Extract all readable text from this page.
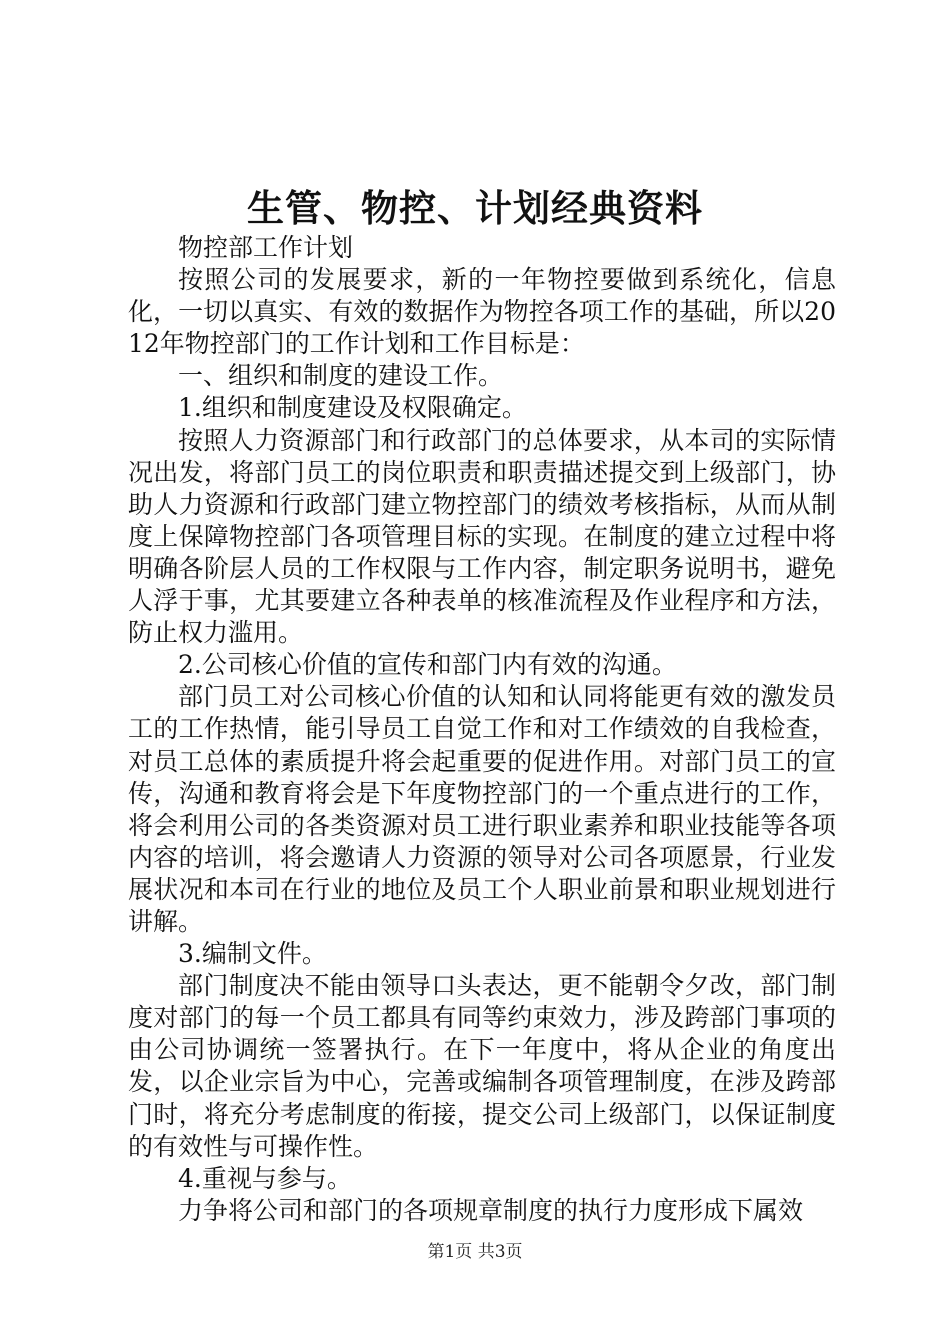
生管、物控、计划经典资料

物控部工作计划

按照公司的发展要求，新的一年物控要做到系统化，信息化，一切以真实、有效的数据作为物控各项工作的基础，所以2012年物控部门的工作计划和工作目标是：

一、组织和制度的建设工作。

1.组织和制度建设及权限确定。

按照人力资源部门和行政部门的总体要求，从本司的实际情况出发，将部门员工的岗位职责和职责描述提交到上级部门，协助人力资源和行政部门建立物控部门的绩效考核指标，从而从制度上保障物控部门各项管理目标的实现。在制度的建立过程中将明确各阶层人员的工作权限与工作内容，制定职务说明书，避免人浮于事，尤其要建立各种表单的核准流程及作业程序和方法，防止权力滥用。

2.公司核心价值的宣传和部门内有效的沟通。

部门员工对公司核心价值的认知和认同将能更有效的激发员工的工作热情，能引导员工自觉工作和对工作绩效的自我检查，对员工总体的素质提升将会起重要的促进作用。对部门员工的宣传，沟通和教育将会是下年度物控部门的一个重点进行的工作，将会利用公司的各类资源对员工进行职业素养和职业技能等各项内容的培训，将会邀请人力资源的领导对公司各项愿景，行业发展状况和本司在行业的地位及员工个人职业前景和职业规划进行讲解。

3.编制文件。

部门制度决不能由领导口头表达，更不能朝令夕改，部门制度对部门的每一个员工都具有同等约束效力，涉及跨部门事项的由公司协调统一签署执行。在下一年度中，将从企业的角度出发，以企业宗旨为中心，完善或编制各项管理制度，在涉及跨部门时，将充分考虑制度的衔接，提交公司上级部门，以保证制度的有效性与可操作性。

4.重视与参与。

力争将公司和部门的各项规章制度的执行力度形成下属效

第1页 共3页
